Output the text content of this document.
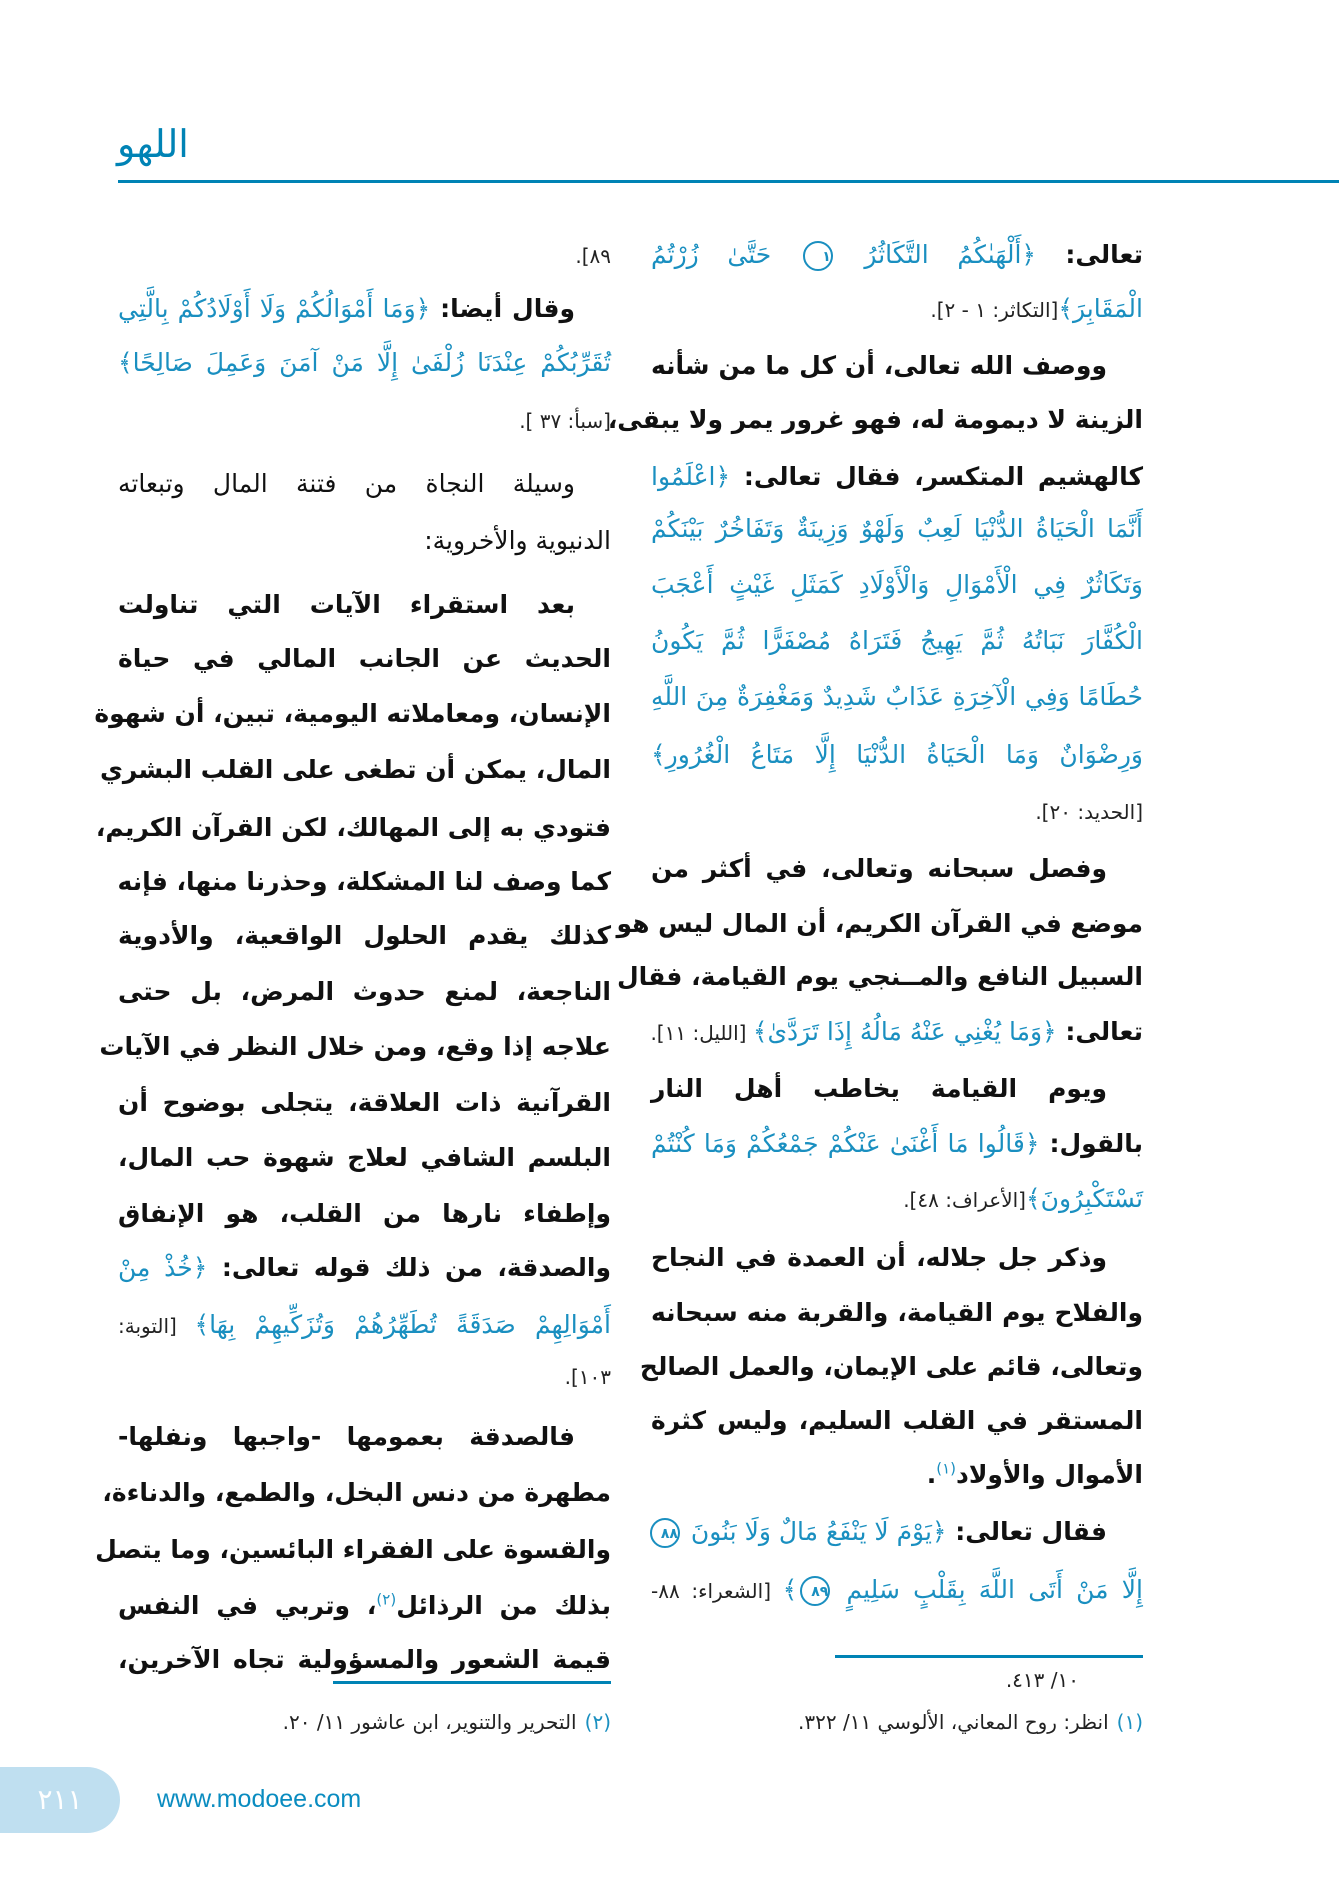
اللهو
تعالى: ﴿أَلْهَىٰكُمُ التَّكَاثُرُ ١ حَتَّىٰ زُرْتُمُ
الْمَقَابِرَ﴾[التكاثر: ١ - ٢].
ووصف الله تعالى، أن كل ما من شأنه
الزينة لا ديمومة له، فهو غرور يمر ولا يبقى،
كالهشيم المتكسر، فقال تعالى: ﴿اعْلَمُوا
أَنَّمَا الْحَيَاةُ الدُّنْيَا لَعِبٌ وَلَهْوٌ وَزِينَةٌ وَتَفَاخُرٌ بَيْنَكُمْ
وَتَكَاثُرٌ فِي الْأَمْوَالِ وَالْأَوْلَادِ كَمَثَلِ غَيْثٍ أَعْجَبَ
الْكُفَّارَ نَبَاتُهُ ثُمَّ يَهِيجُ فَتَرَاهُ مُصْفَرًّا ثُمَّ يَكُونُ
حُطَامًا وَفِي الْآخِرَةِ عَذَابٌ شَدِيدٌ وَمَغْفِرَةٌ مِنَ اللَّهِ
وَرِضْوَانٌ وَمَا الْحَيَاةُ الدُّنْيَا إِلَّا مَتَاعُ الْغُرُورِ﴾
[الحديد: ٢٠].
وفصل سبحانه وتعالى، في أكثر من
موضع في القرآن الكريم، أن المال ليس هو
السبيل النافع والمــنجي يوم القيامة، فقال
تعالى: ﴿وَمَا يُغْنِي عَنْهُ مَالُهُ إِذَا تَرَدَّىٰ﴾ [الليل: ١١].
ويوم القيامة يخاطب أهل النار
بالقول: ﴿قَالُوا مَا أَغْنَىٰ عَنْكُمْ جَمْعُكُمْ وَمَا كُنْتُمْ
تَسْتَكْبِرُونَ﴾[الأعراف: ٤٨].
وذكر جل جلاله، أن العمدة في النجاح
والفلاح يوم القيامة، والقربة منه سبحانه
وتعالى، قائم على الإيمان، والعمل الصالح
المستقر في القلب السليم، وليس كثرة
الأموال والأولاد$^{(١)}$.
فقال تعالى: ﴿يَوْمَ لَا يَنْفَعُ مَالٌ وَلَا بَنُونَ ٨٨
إِلَّا مَنْ أَتَى اللَّهَ بِقَلْبٍ سَلِيمٍ ٨٩﴾ [الشعراء: ٨٨-
٨٩].
وقال أيضا: ﴿وَمَا أَمْوَالُكُمْ وَلَا أَوْلَادُكُمْ بِالَّتِي
تُقَرِّبُكُمْ عِنْدَنَا زُلْفَىٰ إِلَّا مَنْ آمَنَ وَعَمِلَ صَالِحًا﴾
[سبأ: ٣٧ ].
وسيلة النجاة من فتنة المال وتبعاته
الدنيوية والأخروية:
بعد استقراء الآيات التي تناولت
الحديث عن الجانب المالي في حياة
الإنسان، ومعاملاته اليومية، تبين، أن شهوة
المال، يمكن أن تطغى على القلب البشري
فتودي به إلى المهالك، لكن القرآن الكريم،
كما وصف لنا المشكلة، وحذرنا منها، فإنه
كذلك يقدم الحلول الواقعية، والأدوية
الناجعة، لمنع حدوث المرض، بل حتى
علاجه إذا وقع، ومن خلال النظر في الآيات
القرآنية ذات العلاقة، يتجلى بوضوح أن
البلسم الشافي لعلاج شهوة حب المال،
وإطفاء نارها من القلب، هو الإنفاق
والصدقة، من ذلك قوله تعالى: ﴿خُذْ مِنْ
أَمْوَالِهِمْ صَدَقَةً تُطَهِّرُهُمْ وَتُزَكِّيهِمْ بِهَا﴾ [التوبة:
١٠٣].
فالصدقة بعمومها -واجبها ونفلها-
مطهرة من دنس البخل، والطمع، والدناءة،
والقسوة على الفقراء البائسين، وما يتصل
بذلك من الرذائل$^{(٢)}$، وتربي في النفس
قيمة الشعور والمسؤولية تجاه الآخرين،
١٠/ ٤١٣.
(١)انظر: روح المعاني، الألوسي ١١/ ٣٢٢.
(٢)التحرير والتنوير، ابن عاشور ١١/ ٢٠.
٢١١	www.modoee.com
